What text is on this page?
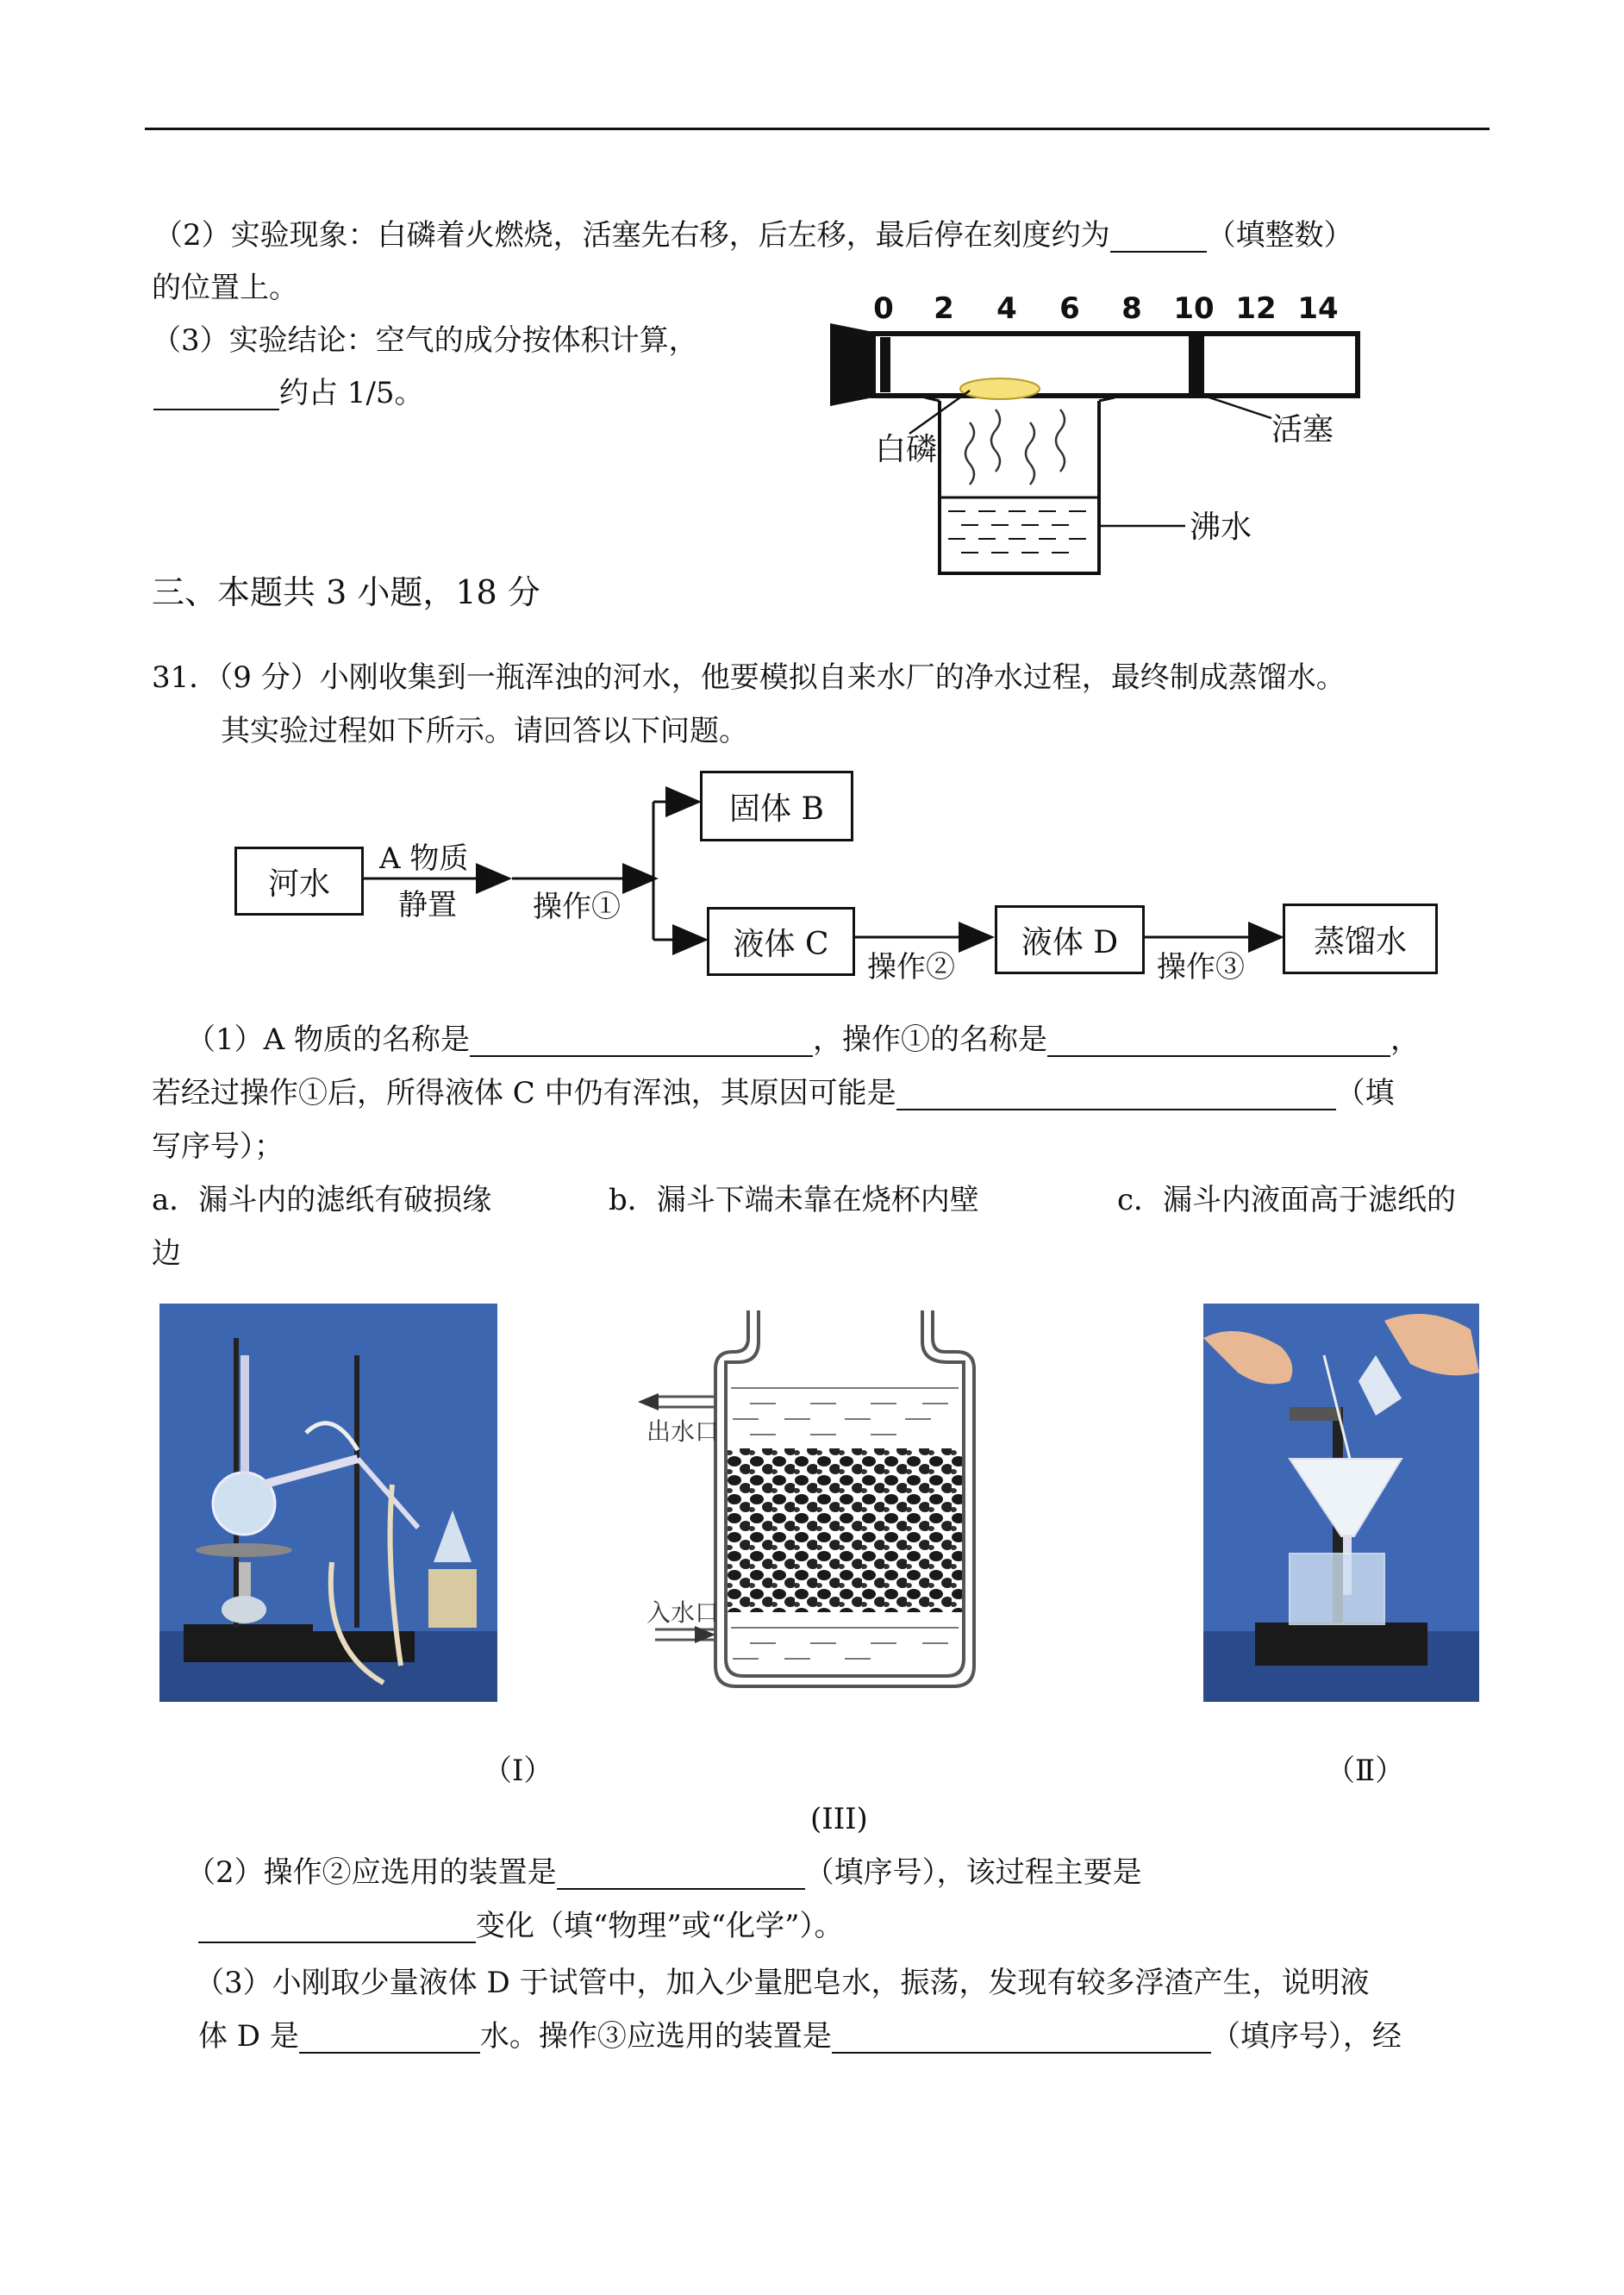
（2）实验现象：白磷着火燃烧，活塞先右移，后左移，最后停在刻度约为	（填整数）
的位置上。
（3）实验结论：空气的成分按体积计算，
约占 1/5。
0 2 4 6 8 10 12 14
白磷
活塞
沸水
三、本题共 3 小题，18 分
31．（9 分）小刚收集到一瓶浑浊的河水，他要模拟自来水厂的净水过程，最终制成蒸馏水。
其实验过程如下所示。请回答以下问题。
河水
A 物质
静置	操作①
固体 B
液体 C
操作②
液体 D
操作③
蒸馏水
（1）A 物质的名称是	，操作①的名称是	，
若经过操作①后，所得液体 C 中仍有浑浊，其原因可能是	（填
写序号）；
a．漏斗内的滤纸有破损缘	b．漏斗下端未靠在烧杯内壁	c．漏斗内液面高于滤纸的
边
出水口
入水口
（Ⅰ）	（Ⅱ）
(III)
（2）操作②应选用的装置是	（填序号），该过程主要是
变化（填“物理”或“化学”）。
（3）小刚取少量液体 D 于试管中，加入少量肥皂水，振荡，发现有较多浮渣产生，说明液
体 D 是	水。操作③应选用的装置是	（填序号），经
